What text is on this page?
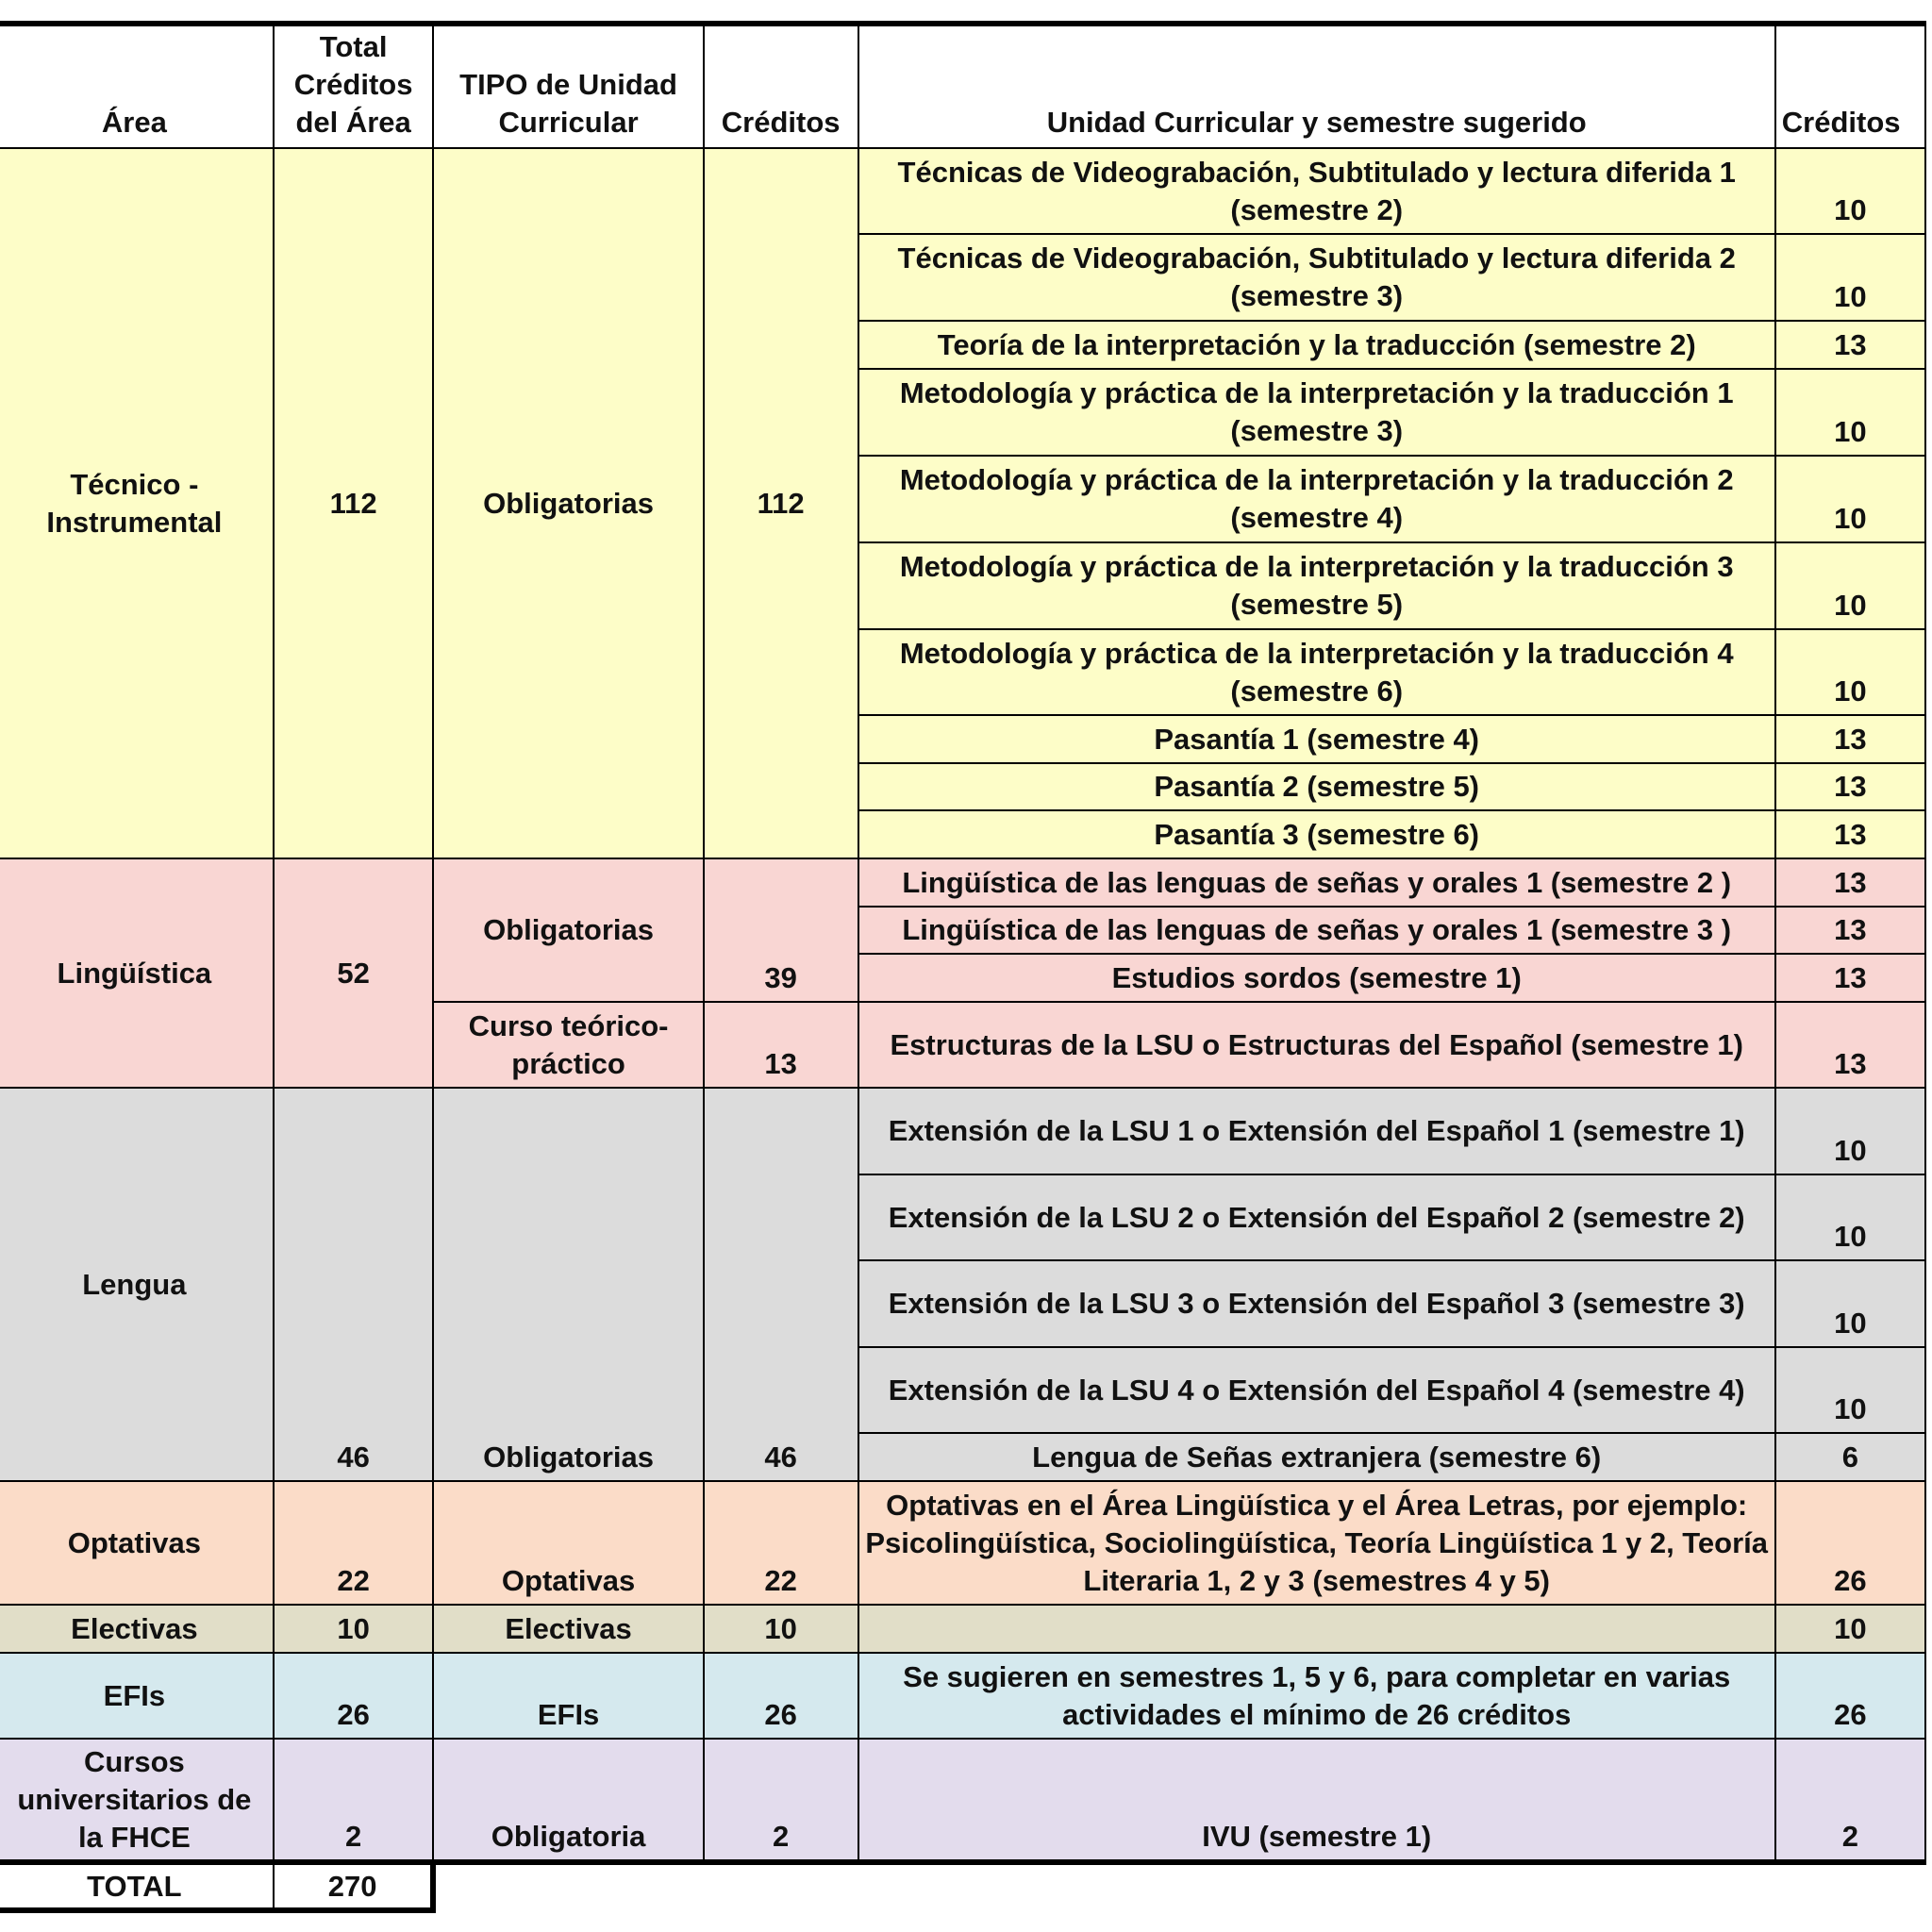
Área	Total Créditos del Área	TIPO de Unidad Curricular	Créditos	Unidad Curricular y semestre sugerido	Créditos
Técnico - Instrumental	112	Obligatorias	112	Técnicas de Videograbación, Subtitulado y lectura diferida 1 (semestre 2)	10
				Técnicas de Videograbación, Subtitulado y lectura diferida 2 (semestre 3)	10
				Teoría de la interpretación y la traducción (semestre 2)	13
				Metodología y práctica de la interpretación y la traducción 1 (semestre 3)	10
				Metodología y práctica de la interpretación y la traducción 2 (semestre 4)	10
				Metodología y práctica de la interpretación y la traducción 3 (semestre 5)	10
				Metodología y práctica de la interpretación y la traducción 4 (semestre 6)	10
				Pasantía 1 (semestre 4)	13
				Pasantía 2 (semestre 5)	13
				Pasantía 3 (semestre 6)	13
Lingüística	52	Obligatorias	39	Lingüística de las lenguas de señas y orales 1 (semestre 2 )	13
				Lingüística de las lenguas de señas y orales 1 (semestre 3 )	13
				Estudios sordos (semestre 1)	13
		Curso teórico-práctico	13	Estructuras de la LSU o Estructuras del Español (semestre 1)	13
Lengua	46	Obligatorias	46	Extensión de la LSU 1 o Extensión del Español 1 (semestre 1)	10
				Extensión de la LSU 2 o Extensión del Español 2 (semestre 2)	10
				Extensión de la LSU 3 o Extensión del Español 3 (semestre 3)	10
				Extensión de la LSU 4 o Extensión del Español 4 (semestre 4)	10
				Lengua de Señas extranjera (semestre 6)	6
Optativas	22	Optativas	22	Optativas en el Área Lingüística y el Área Letras, por ejemplo: Psicolingüística, Sociolingüística, Teoría Lingüística 1 y 2, Teoría Literaria 1, 2 y 3 (semestres 4 y 5)	26
Electivas	10	Electivas	10		10
EFIs	26	EFIs	26	Se sugieren en semestres 1, 5 y 6, para completar en varias actividades el mínimo de 26 créditos	26
Cursos universitarios de la FHCE	2	Obligatoria	2	IVU (semestre 1)	2
TOTAL	270				
